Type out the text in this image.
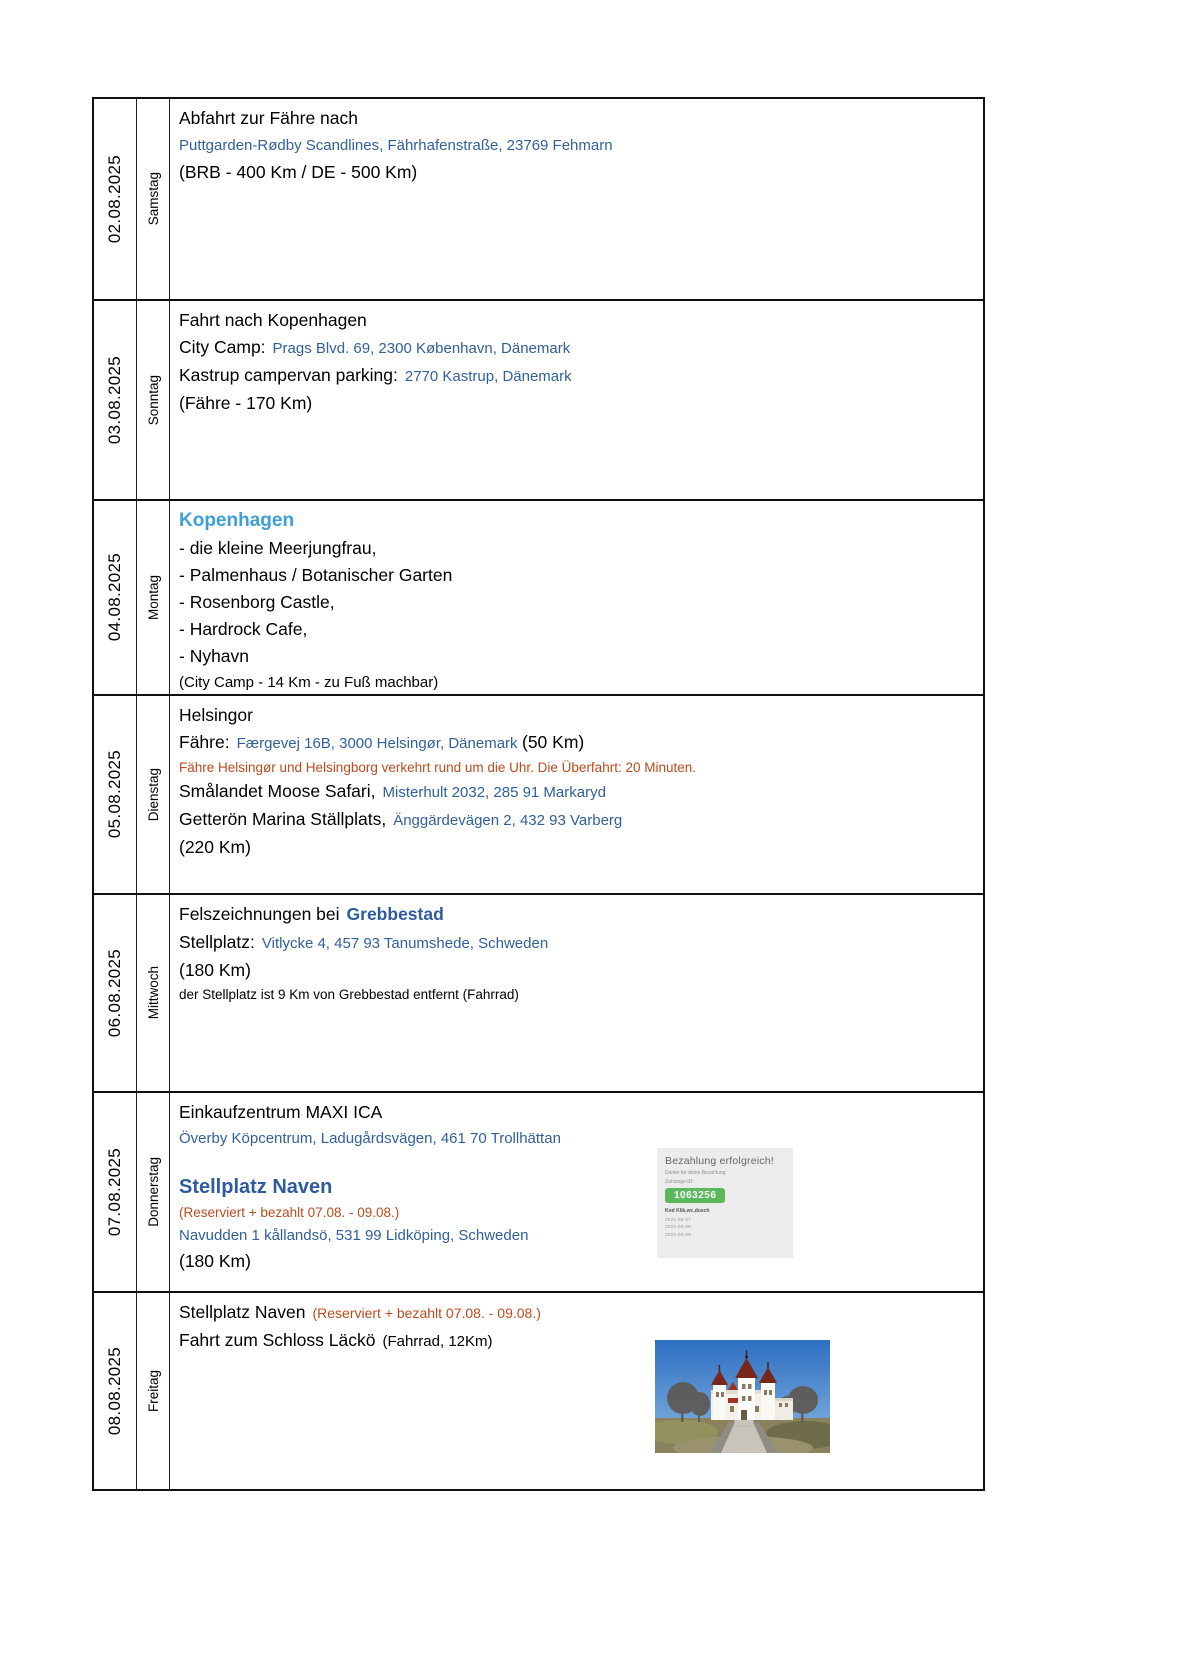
02.08.2025 Samstag
Abfahrt zur Fähre nach
Puttgarden-Rødby Scandlines, Fährhafenstraße, 23769 Fehmarn
(BRB - 400 Km / DE - 500 Km)
03.08.2025 Sonntag
Fahrt nach Kopenhagen
City Camp: Prags Blvd. 69, 2300 København, Dänemark
Kastrup campervan parking: 2770 Kastrup, Dänemark
(Fähre - 170 Km)
04.08.2025 Montag
Kopenhagen
- die kleine Meerjungfrau,
- Palmenhaus / Botanischer Garten
- Rosenborg Castle,
- Hardrock Cafe,
- Nyhavn
(City Camp - 14 Km - zu Fuß machbar)
05.08.2025 Dienstag
Helsingor
Fähre: Færgevej 16B, 3000 Helsingør, Dänemark (50 Km)
Fähre Helsingør und Helsingborg verkehrt rund um die Uhr. Die Überfahrt: 20 Minuten.
Smålandet Moose Safari, Misterhult 2032, 285 91 Markaryd
Getterön Marina Ställplats, Änggärdevägen 2, 432 93 Varberg
(220 Km)
06.08.2025 Mittwoch
Felszeichnungen bei Grebbestad
Stellplatz: Vitlycke 4, 457 93 Tanumshede, Schweden
(180 Km)
der Stellplatz ist 9 Km von Grebbestad entfernt (Fahrrad)
07.08.2025 Donnerstag
Einkaufzentrum MAXI ICA
Överby Köpcentrum, Ladugårdsvägen, 461 70 Trollhättan
Stellplatz Naven
(Reserviert + bezahlt 07.08. - 09.08.)
Navudden 1 kållandsö, 531 99 Lidköping, Schweden
(180 Km)
Bezahlung erfolgreich!
Danke für deine Bezahlung.
Zahlungs-ID:
1063256
Kod Klik,wc,dusch
2025-08-07
2025-08-08
2025-08-09
08.08.2025 Freitag
Stellplatz Naven (Reserviert + bezahlt 07.08. - 09.08.)
Fahrt zum Schloss Läckö (Fahrrad, 12Km)
